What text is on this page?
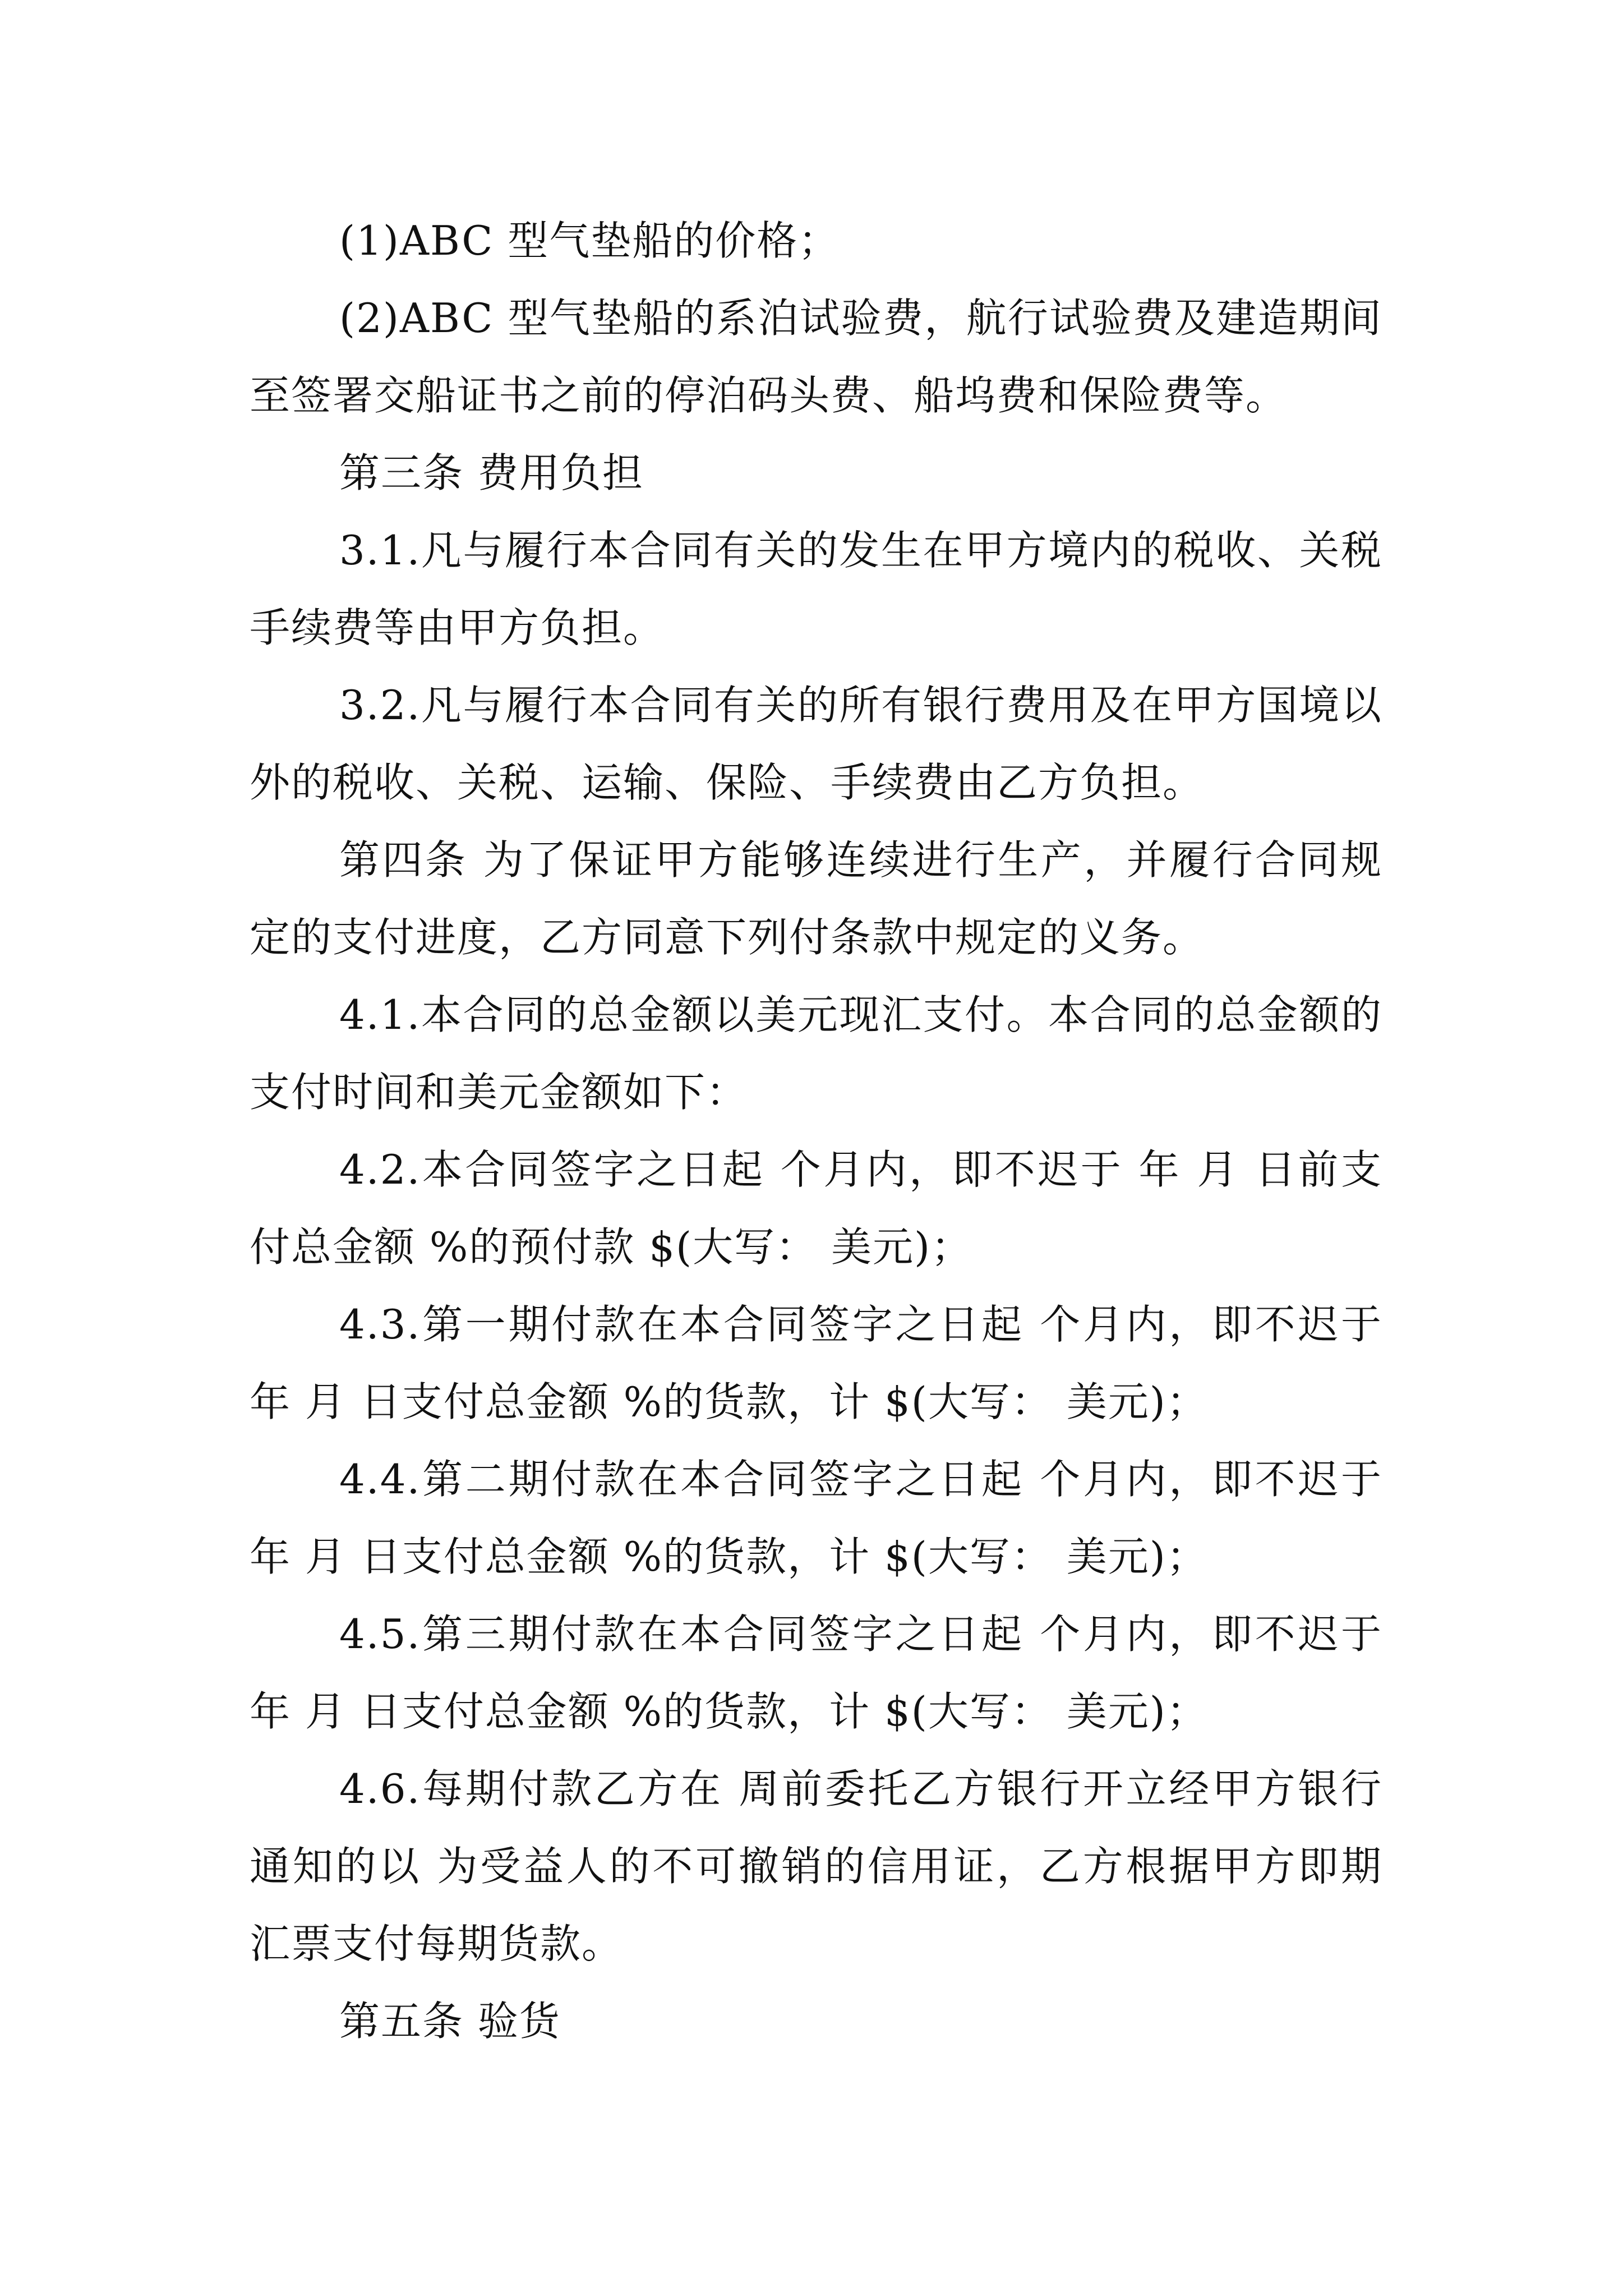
(1)ABC 型气垫船的价格；

(2)ABC 型气垫船的系泊试验费，航行试验费及建造期间至签署交船证书之前的停泊码头费、船坞费和保险费等。

第三条 费用负担

3.1.凡与履行本合同有关的发生在甲方境内的税收、关税手续费等由甲方负担。

3.2.凡与履行本合同有关的所有银行费用及在甲方国境以外的税收、关税、运输、保险、手续费由乙方负担。

第四条 为了保证甲方能够连续进行生产，并履行合同规定的支付进度，乙方同意下列付条款中规定的义务。

4.1.本合同的总金额以美元现汇支付。本合同的总金额的支付时间和美元金额如下：

4.2.本合同签字之日起 个月内，即不迟于 年 月 日前支付总金额 %的预付款 $(大写： 美元)；

4.3.第一期付款在本合同签字之日起 个月内，即不迟于 年 月 日支付总金额 %的货款，计 $(大写： 美元)；

4.4.第二期付款在本合同签字之日起 个月内，即不迟于 年 月 日支付总金额 %的货款，计 $(大写： 美元)；

4.5.第三期付款在本合同签字之日起 个月内，即不迟于 年 月 日支付总金额 %的货款，计 $(大写： 美元)；

4.6.每期付款乙方在 周前委托乙方银行开立经甲方银行通知的以 为受益人的不可撤销的信用证，乙方根据甲方即期汇票支付每期货款。

第五条 验货
